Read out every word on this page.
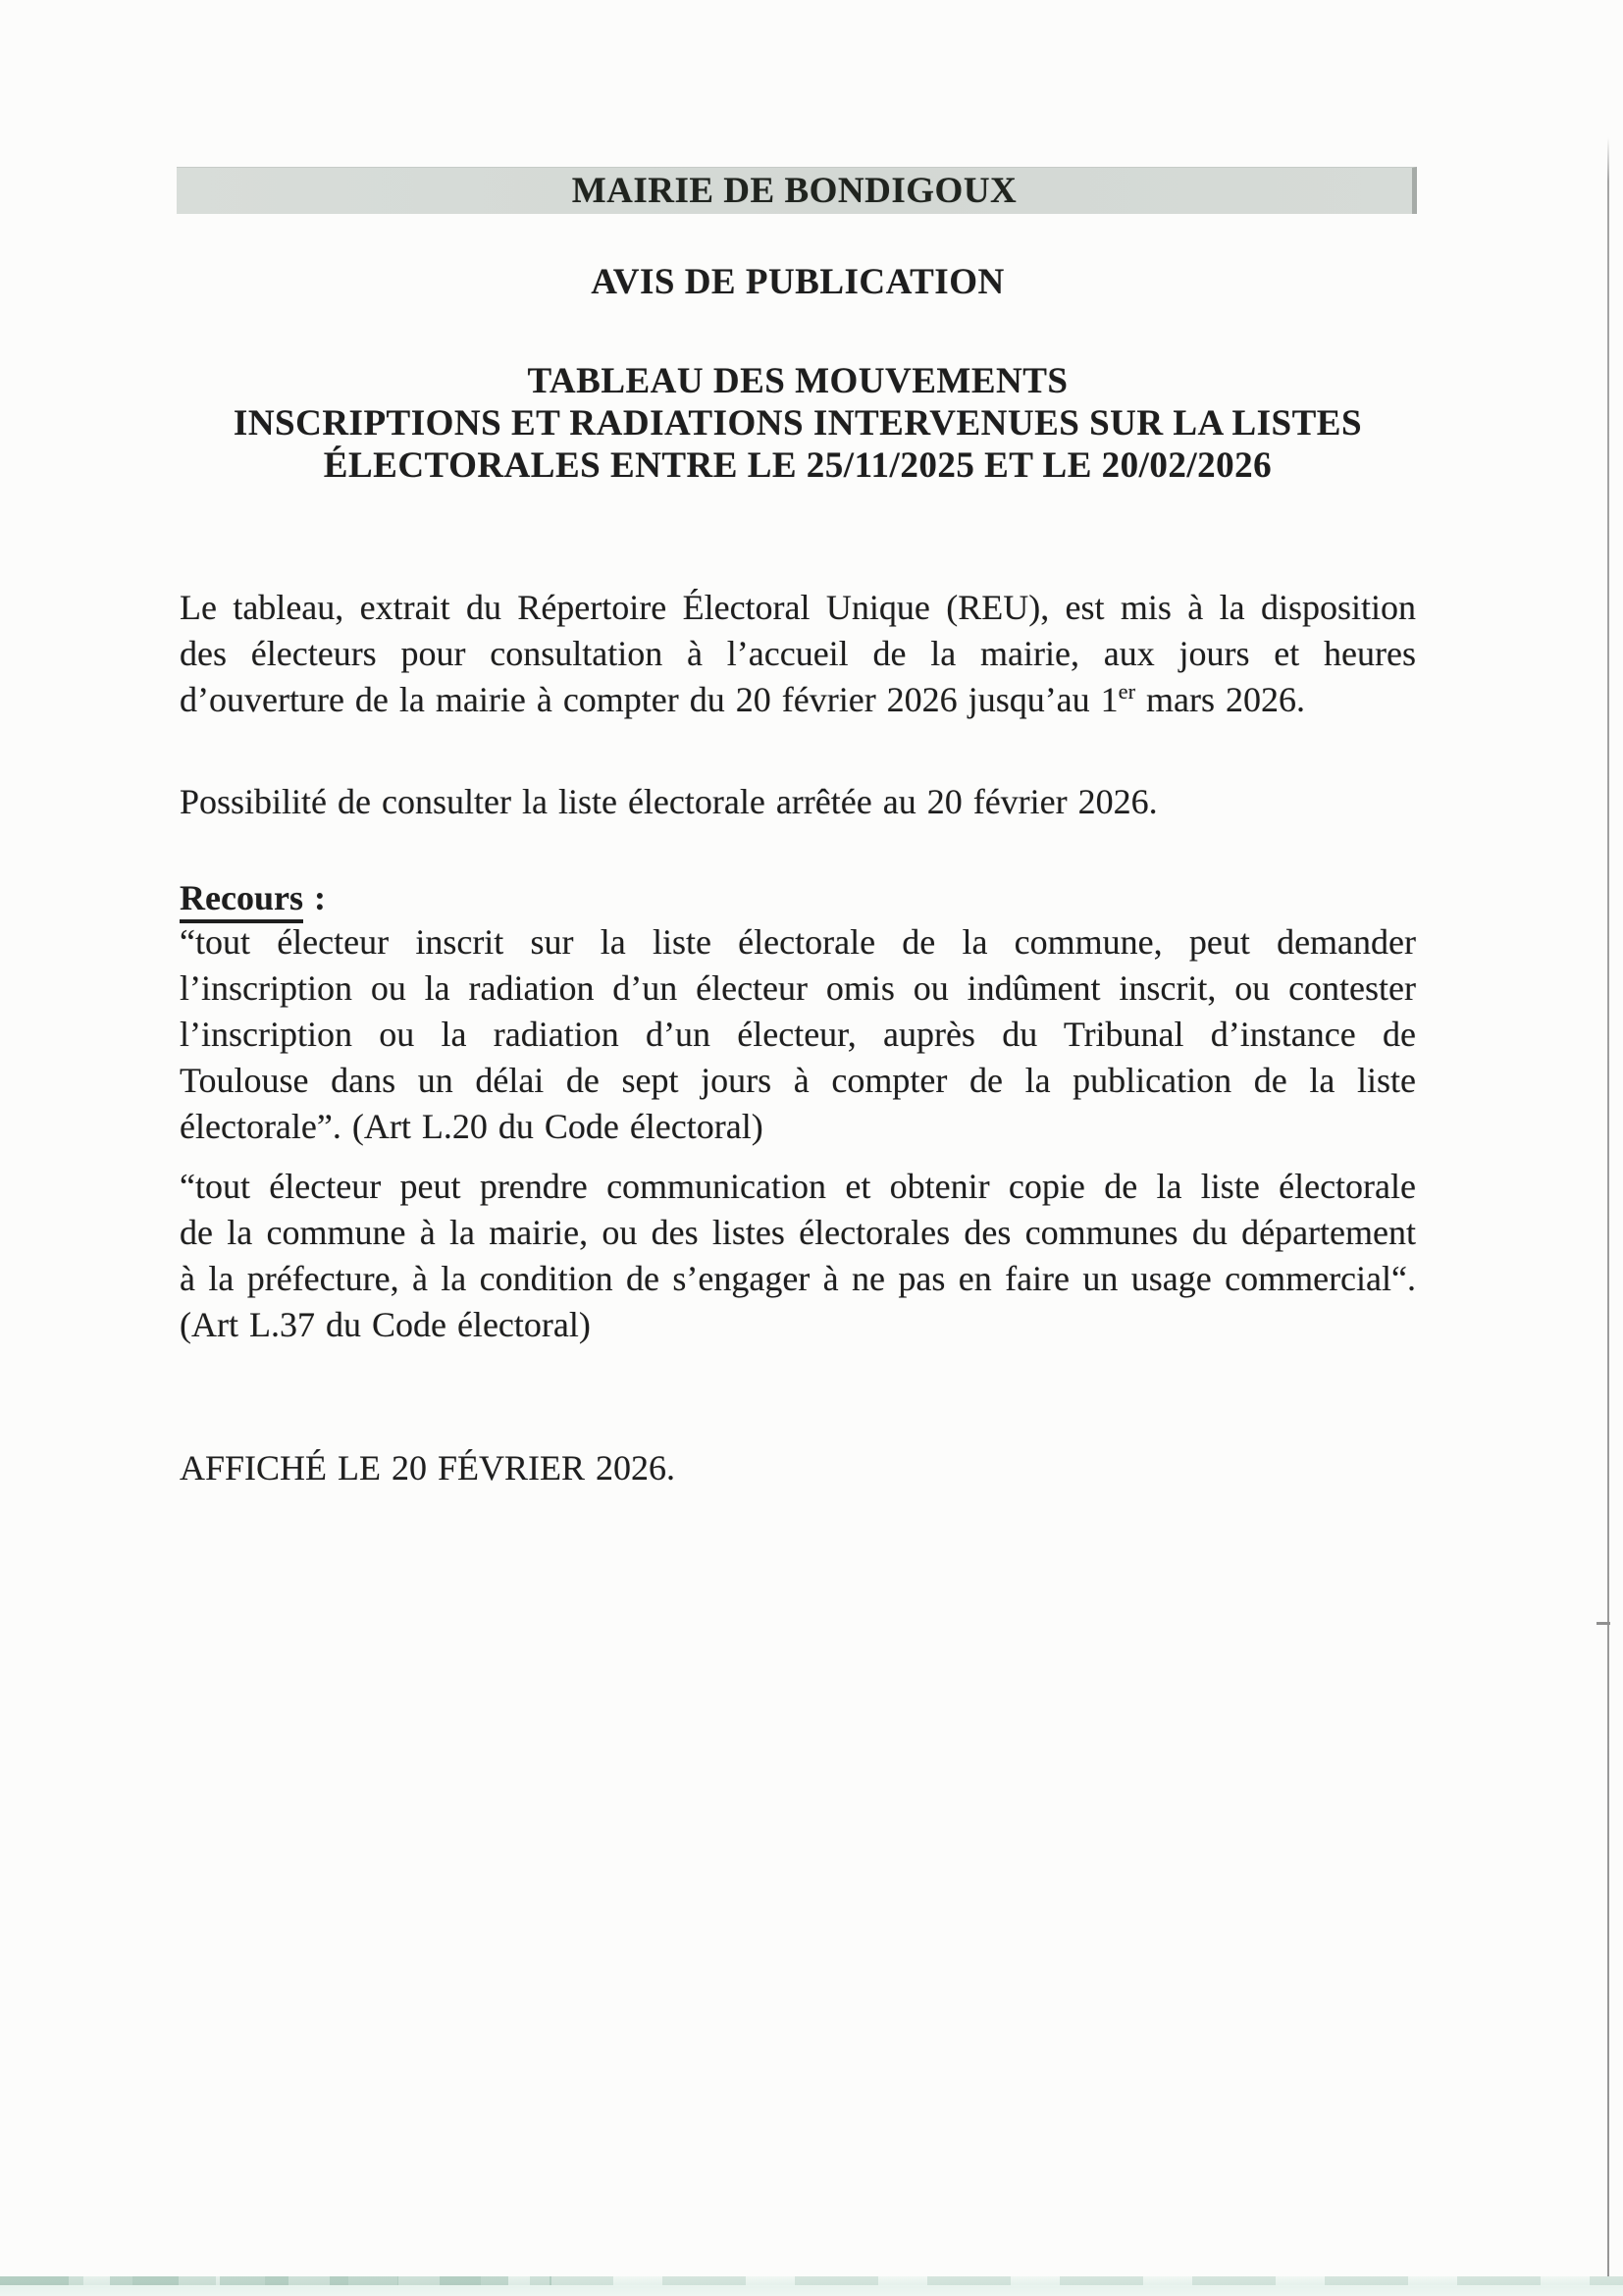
MAIRIE DE BONDIGOUX
AVIS DE PUBLICATION
TABLEAU DES MOUVEMENTS
INSCRIPTIONS ET RADIATIONS INTERVENUES SUR LA LISTES
ÉLECTORALES ENTRE LE 25/11/2025 ET LE 20/02/2026
Le tableau, extrait du Répertoire Électoral Unique (REU), est mis à la disposition
des électeurs pour consultation à l’accueil de la mairie, aux jours et heures
d’ouverture de la mairie à compter du 20 février 2026 jusqu’au 1er mars 2026.
Possibilité de consulter la liste électorale arrêtée au 20 février 2026.
Recours :
“tout électeur inscrit sur la liste électorale de la commune, peut demander
l’inscription ou la radiation d’un électeur omis ou indûment inscrit, ou contester
l’inscription ou la radiation d’un électeur, auprès du Tribunal d’instance de
Toulouse dans un délai de sept jours à compter de la publication de la liste
électorale”. (Art L.20 du Code électoral)
“tout électeur peut prendre communication et obtenir copie de la liste électorale
de la commune à la mairie, ou des listes électorales des communes du département
à la préfecture, à la condition de s’engager à ne pas en faire un usage commercial“.
(Art L.37 du Code électoral)
AFFICHÉ LE 20 FÉVRIER 2026.
